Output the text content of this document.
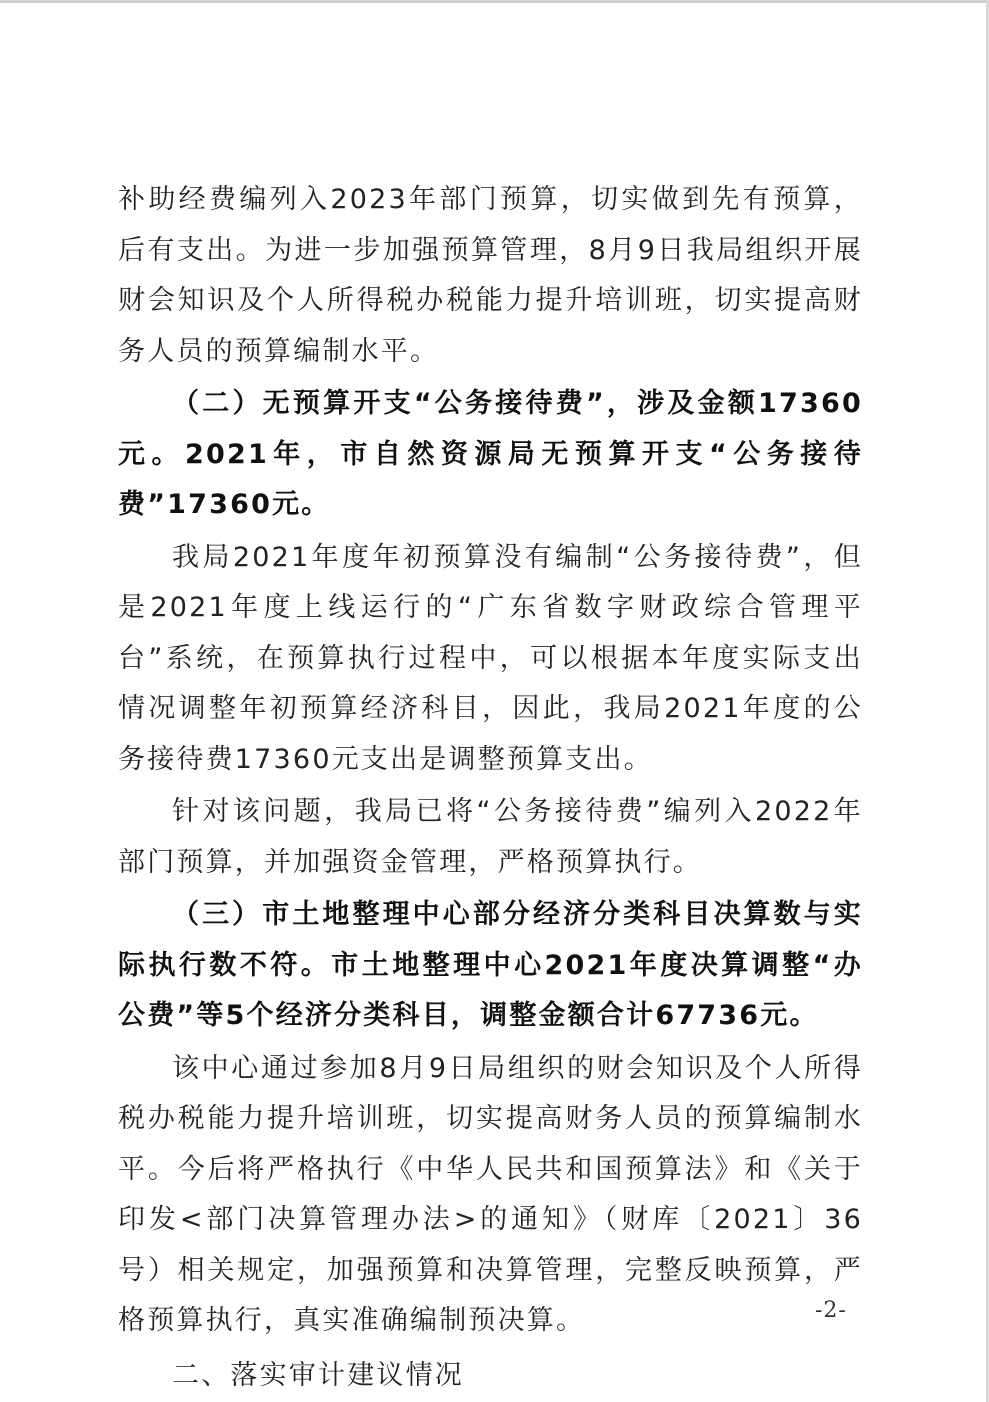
补助经费编列入2023年部门预算，切实做到先有预算，后有支出。为进一步加强预算管理，8月9日我局组织开展财会知识及个人所得税办税能力提升培训班，切实提高财务人员的预算编制水平。

（二）无预算开支“公务接待费”，涉及金额17360元。2021年，市自然资源局无预算开支“公务接待费”17360元。

我局2021年度年初预算没有编制“公务接待费”，但是2021年度上线运行的“广东省数字财政综合管理平台”系统，在预算执行过程中，可以根据本年度实际支出情况调整年初预算经济科目，因此，我局2021年度的公务接待费17360元支出是调整预算支出。

针对该问题，我局已将“公务接待费”编列入2022年部门预算，并加强资金管理，严格预算执行。

（三）市土地整理中心部分经济分类科目决算数与实际执行数不符。市土地整理中心2021年度决算调整“办公费”等5个经济分类科目，调整金额合计67736元。

该中心通过参加8月9日局组织的财会知识及个人所得税办税能力提升培训班，切实提高财务人员的预算编制水平。今后将严格执行《中华人民共和国预算法》和《关于印发<部门决算管理办法>的通知》（财库〔2021〕36号）相关规定，加强预算和决算管理，完整反映预算，严格预算执行，真实准确编制预决算。

二、落实审计建议情况

-2-
